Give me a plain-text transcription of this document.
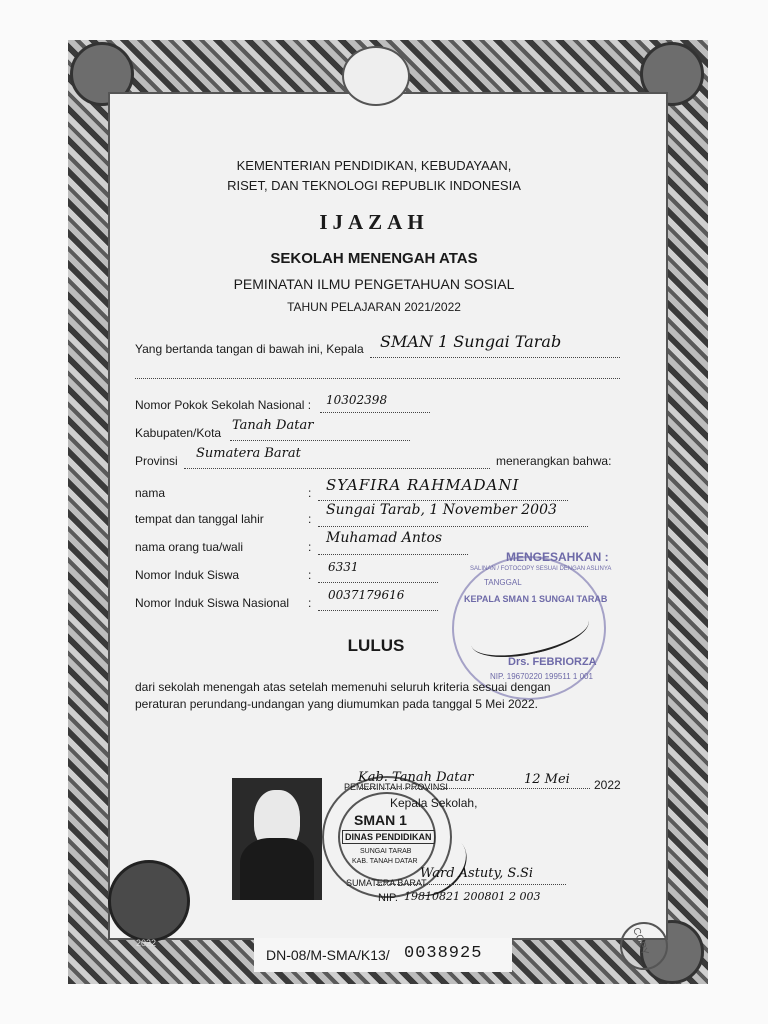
KEMENTERIAN PENDIDIKAN, KEBUDAYAAN,
RISET, DAN TEKNOLOGI REPUBLIK INDONESIA
IJAZAH
SEKOLAH MENENGAH ATAS
PEMINATAN ILMU PENGETAHUAN SOSIAL
TAHUN PELAJARAN 2021/2022
Yang bertanda tangan di bawah ini, Kepala SMAN 1 Sungai Tarab
Nomor Pokok Sekolah Nasional : 10302398
Kabupaten/Kota Tanah Datar
Provinsi Sumatera Barat	menerangkan bahwa:
nama	: SYAFIRA RAHMADANI
tempat dan tanggal lahir	:
Sungai Tarab, 1 November 2003
nama orang tua/wali	:
Muhamad Antos
Nomor Induk Siswa	:
6331
Nomor Induk Siswa Nasional :
0037179616
MENGESAHKAN :
SALINAN / FOTOCOPY SESUAI DENGAN ASLINYA
TANGGAL
KEPALA SMAN 1 SUNGAI TARAB
Drs. FEBRIORZA
NIP. 19670220 199511 1 001
LULUS
dari sekolah menengah atas setelah memenuhi seluruh kriteria sesuai dengan
peraturan perundang-undangan yang diumumkan pada tanggal 5 Mei 2022.
PEMERINTAH PROVINSI
SMAN 1
DINAS PENDIDIKAN
SUNGAI TARAB
KAB. TANAH DATAR
SUMATERA BARAT
Kab. Tanah Datar	12 Mei 2022
Kepala Sekolah,
Ward Astuty, S.Si
NIP. 19810821 200801 2 003
2022
DN-08/M-SMA/K13/ 0038925	COPY
